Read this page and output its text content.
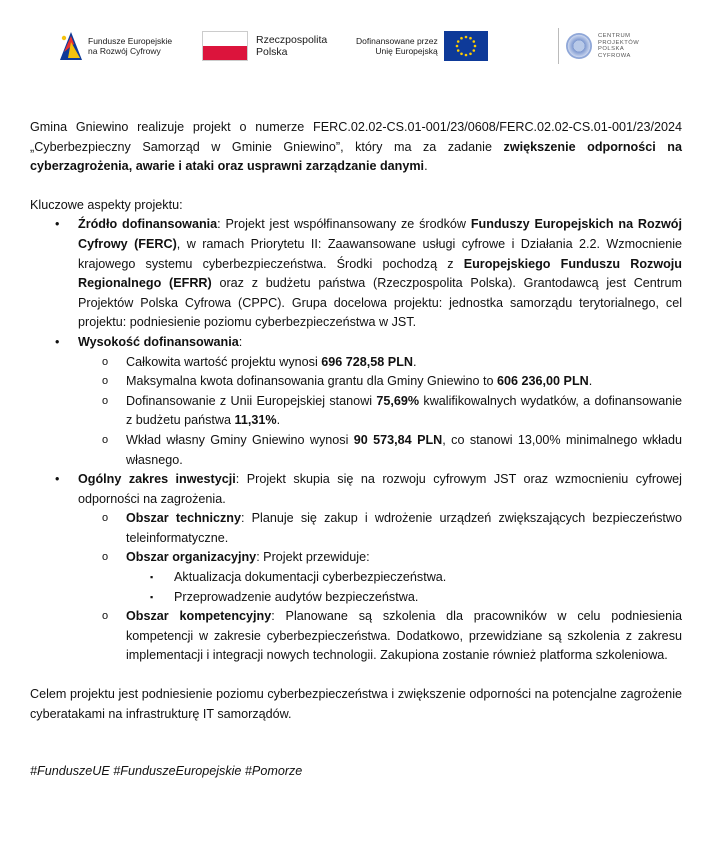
Fundusze Europejskie
na Rozwój Cyfrowy
Rzeczpospolita
Polska
Dofinansowane przez
Unię Europejską
CENTRUM
PROJEKTÓW
POLSKA
CYFROWA

Gmina Gniewino realizuje projekt o numerze FERC.02.02-CS.01-001/23/0608/FERC.02.02-CS.01-001/23/2024 „Cyberbezpieczny Samorząd w Gminie Gniewino”, który ma za zadanie zwiększenie odporności na cyberzagrożenia, awarie i ataki oraz usprawni zarządzanie danymi.

Kluczowe aspekty projektu:

• Źródło dofinansowania: Projekt jest współfinansowany ze środków Funduszy Europejskich na Rozwój Cyfrowy (FERC), w ramach Priorytetu II: Zaawansowane usługi cyfrowe i Działania 2.2. Wzmocnienie krajowego systemu cyberbezpieczeństwa. Środki pochodzą z Europejskiego Funduszu Rozwoju Regionalnego (EFRR) oraz z budżetu państwa (Rzeczpospolita Polska). Grantodawcą jest Centrum Projektów Polska Cyfrowa (CPPC). Grupa docelowa projektu: jednostka samorządu terytorialnego, cel projektu: podniesienie poziomu cyberbezpieczeństwa w JST.
• Wysokość dofinansowania:
o Całkowita wartość projektu wynosi 696 728,58 PLN.
o Maksymalna kwota dofinansowania grantu dla Gminy Gniewino to 606 236,00 PLN.
o Dofinansowanie z Unii Europejskiej stanowi 75,69% kwalifikowalnych wydatków, a dofinansowanie z budżetu państwa 11,31%.
o Wkład własny Gminy Gniewino wynosi 90 573,84 PLN, co stanowi 13,00% minimalnego wkładu własnego.
• Ogólny zakres inwestycji: Projekt skupia się na rozwoju cyfrowym JST oraz wzmocnieniu cyfrowej odporności na zagrożenia.
o Obszar techniczny: Planuje się zakup i wdrożenie urządzeń zwiększających bezpieczeństwo teleinformatyczne.
o Obszar organizacyjny: Projekt przewiduje:
▪ Aktualizacja dokumentacji cyberbezpieczeństwa.
▪ Przeprowadzenie audytów bezpieczeństwa.
o Obszar kompetencyjny: Planowane są szkolenia dla pracowników w celu podniesienia kompetencji w zakresie cyberbezpieczeństwa. Dodatkowo, przewidziane są szkolenia z zakresu implementacji i integracji nowych technologii. Zakupiona zostanie również platforma szkoleniowa.

Celem projektu jest podniesienie poziomu cyberbezpieczeństwa i zwiększenie odporności na potencjalne zagrożenie cyberatakami na infrastrukturę IT samorządów.

#FunduszeUE #FunduszeEuropejskie #Pomorze
